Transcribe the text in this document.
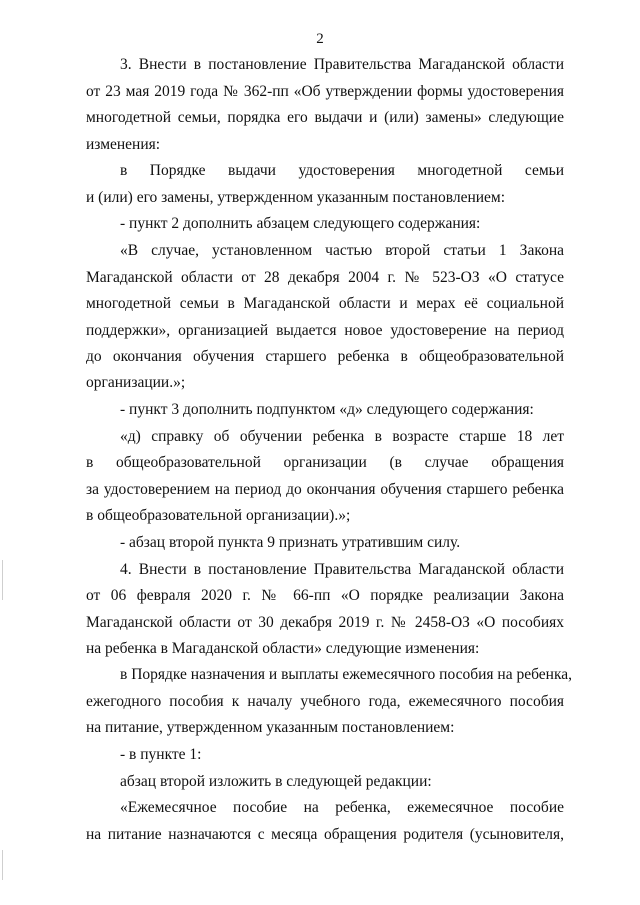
2
3. Внести в постановление Правительства Магаданской области
от 23 мая 2019 года № 362-пп «Об утверждении формы удостоверения
многодетной семьи, порядка его выдачи и (или) замены» следующие
изменения:
в Порядке выдачи удостоверения многодетной семьи
и (или) его замены, утвержденном указанным постановлением:
- пункт 2 дополнить абзацем следующего содержания:
«В случае, установленном частью второй статьи 1 Закона
Магаданской области от 28 декабря 2004 г. № 523-ОЗ «О статусе
многодетной семьи в Магаданской области и мерах её социальной
поддержки», организацией выдается новое удостоверение на период
до окончания обучения старшего ребенка в общеобразовательной
организации.»;
- пункт 3 дополнить подпунктом «д» следующего содержания:
«д) справку об обучении ребенка в возрасте старше 18 лет
в общеобразовательной организации (в случае обращения
за удостоверением на период до окончания обучения старшего ребенка
в общеобразовательной организации).»;
- абзац второй пункта 9 признать утратившим силу.
4. Внести в постановление Правительства Магаданской области
от 06 февраля 2020 г. № 66-пп «О порядке реализации Закона
Магаданской области от 30 декабря 2019 г. № 2458-ОЗ «О пособиях
на ребенка в Магаданской области» следующие изменения:
в Порядке назначения и выплаты ежемесячного пособия на ребенка,
ежегодного пособия к началу учебного года, ежемесячного пособия
на питание, утвержденном указанным постановлением:
- в пункте 1:
абзац второй изложить в следующей редакции:
«Ежемесячное пособие на ребенка, ежемесячное пособие
на питание назначаются с месяца обращения родителя (усыновителя,
